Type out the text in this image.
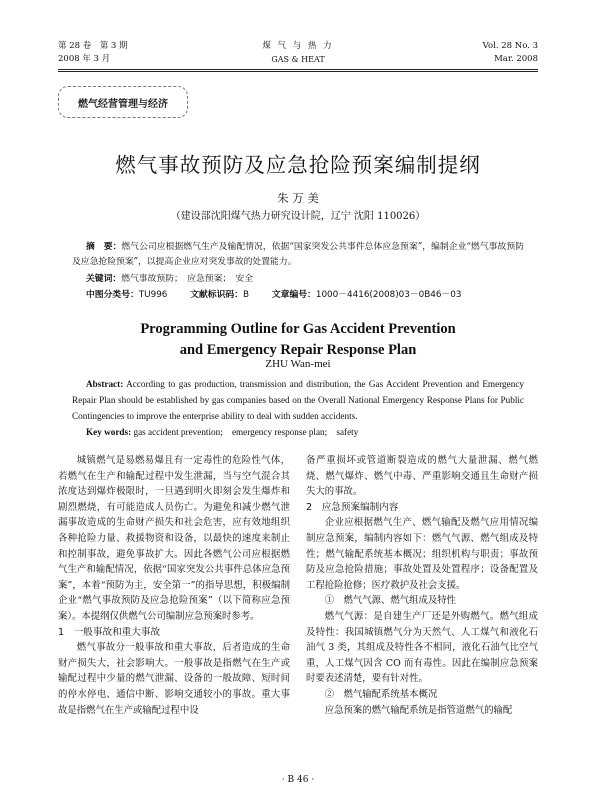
第 28 卷　第 3 期
2008 年 3 月
煤 气 与 热 力
GAS & HEAT
Vol. 28 No. 3
Mar. 2008
燃气经营管理与经济
燃气事故预防及应急抢险预案编制提纲
朱 万 美
（建设部沈阳煤气热力研究设计院，辽宁 沈阳 110026）
摘　要：燃气公司应根据燃气生产及输配情况，依据“国家突发公共事件总体应急预案”，编制企业“燃气事故预防及应急抢险预案”，以提高企业应对突发事故的处置能力。
关键词：燃气事故预防；　应急预案；　安全
中图分类号：TU996	文献标识码：B	文章编号：1000－4416(2008)03－0B46－03
Programming Outline for Gas Accident Prevention
and Emergency Repair Response Plan
ZHU Wan-mei
Abstract: According to gas production, transmission and distribution, the Gas Accident Prevention and Emergency Repair Plan should be established by gas companies based on the Overall National Emergency Response Plans for Public Contingencies to improve the enterprise ability to deal with sudden accidents.
Key words: gas accident prevention;　emergency response plan;　safety

城镇燃气是易燃易爆且有一定毒性的危险性气体，若燃气在生产和输配过程中发生泄漏，当与空气混合其浓度达到爆炸极限时，一旦遇到明火即刻会发生爆炸和剧烈燃烧，有可能造成人员伤亡。为避免和减少燃气泄漏事故造成的生命财产损失和社会危害，应有效地组织各种抢险力量、救援物资和设备，以最快的速度来制止和控制事故，避免事故扩大。因此各燃气公司应根据燃气生产和输配情况，依据“国家突发公共事件总体应急预案”，本着“预防为主，安全第一”的指导思想，积极编制企业“燃气事故预防及应急抢险预案”（以下简称应急预案）。本提纲仅供燃气公司编制应急预案时参考。

1　一般事故和重大事故

燃气事故分一般事故和重大事故，后者造成的生命财产损失大，社会影响大。一般事故是指燃气在生产或输配过程中少量的燃气泄漏、设备的一般故障、短时间的停水停电、通信中断、影响交通较小的事故。重大事故是指燃气在生产或输配过程中设

备严重损坏或管道断裂造成的燃气大量泄漏、燃气燃烧、燃气爆炸、燃气中毒、严重影响交通且生命财产损失大的事故。

2　应急预案编制内容

企业应根据燃气生产、燃气输配及燃气应用情况编制应急预案，编制内容如下：燃气气源、燃气组成及特性；燃气输配系统基本概况；组织机构与职责；事故预防及应急抢险措施；事故处置及处置程序；设备配置及工程抢险抢修；医疗救护及社会支援。

①　燃气气源、燃气组成及特性

燃气气源：是自建生产厂还是外购燃气。燃气组成及特性：我国城镇燃气分为天然气、人工煤气和液化石油气 3 类，其组成及特性各不相同，液化石油气比空气重，人工煤气因含 CO 而有毒性。因此在编制应急预案时要表述清楚，要有针对性。

②　燃气输配系统基本概况

应急预案的燃气输配系统是指管道燃气的输配

· B 46 ·
